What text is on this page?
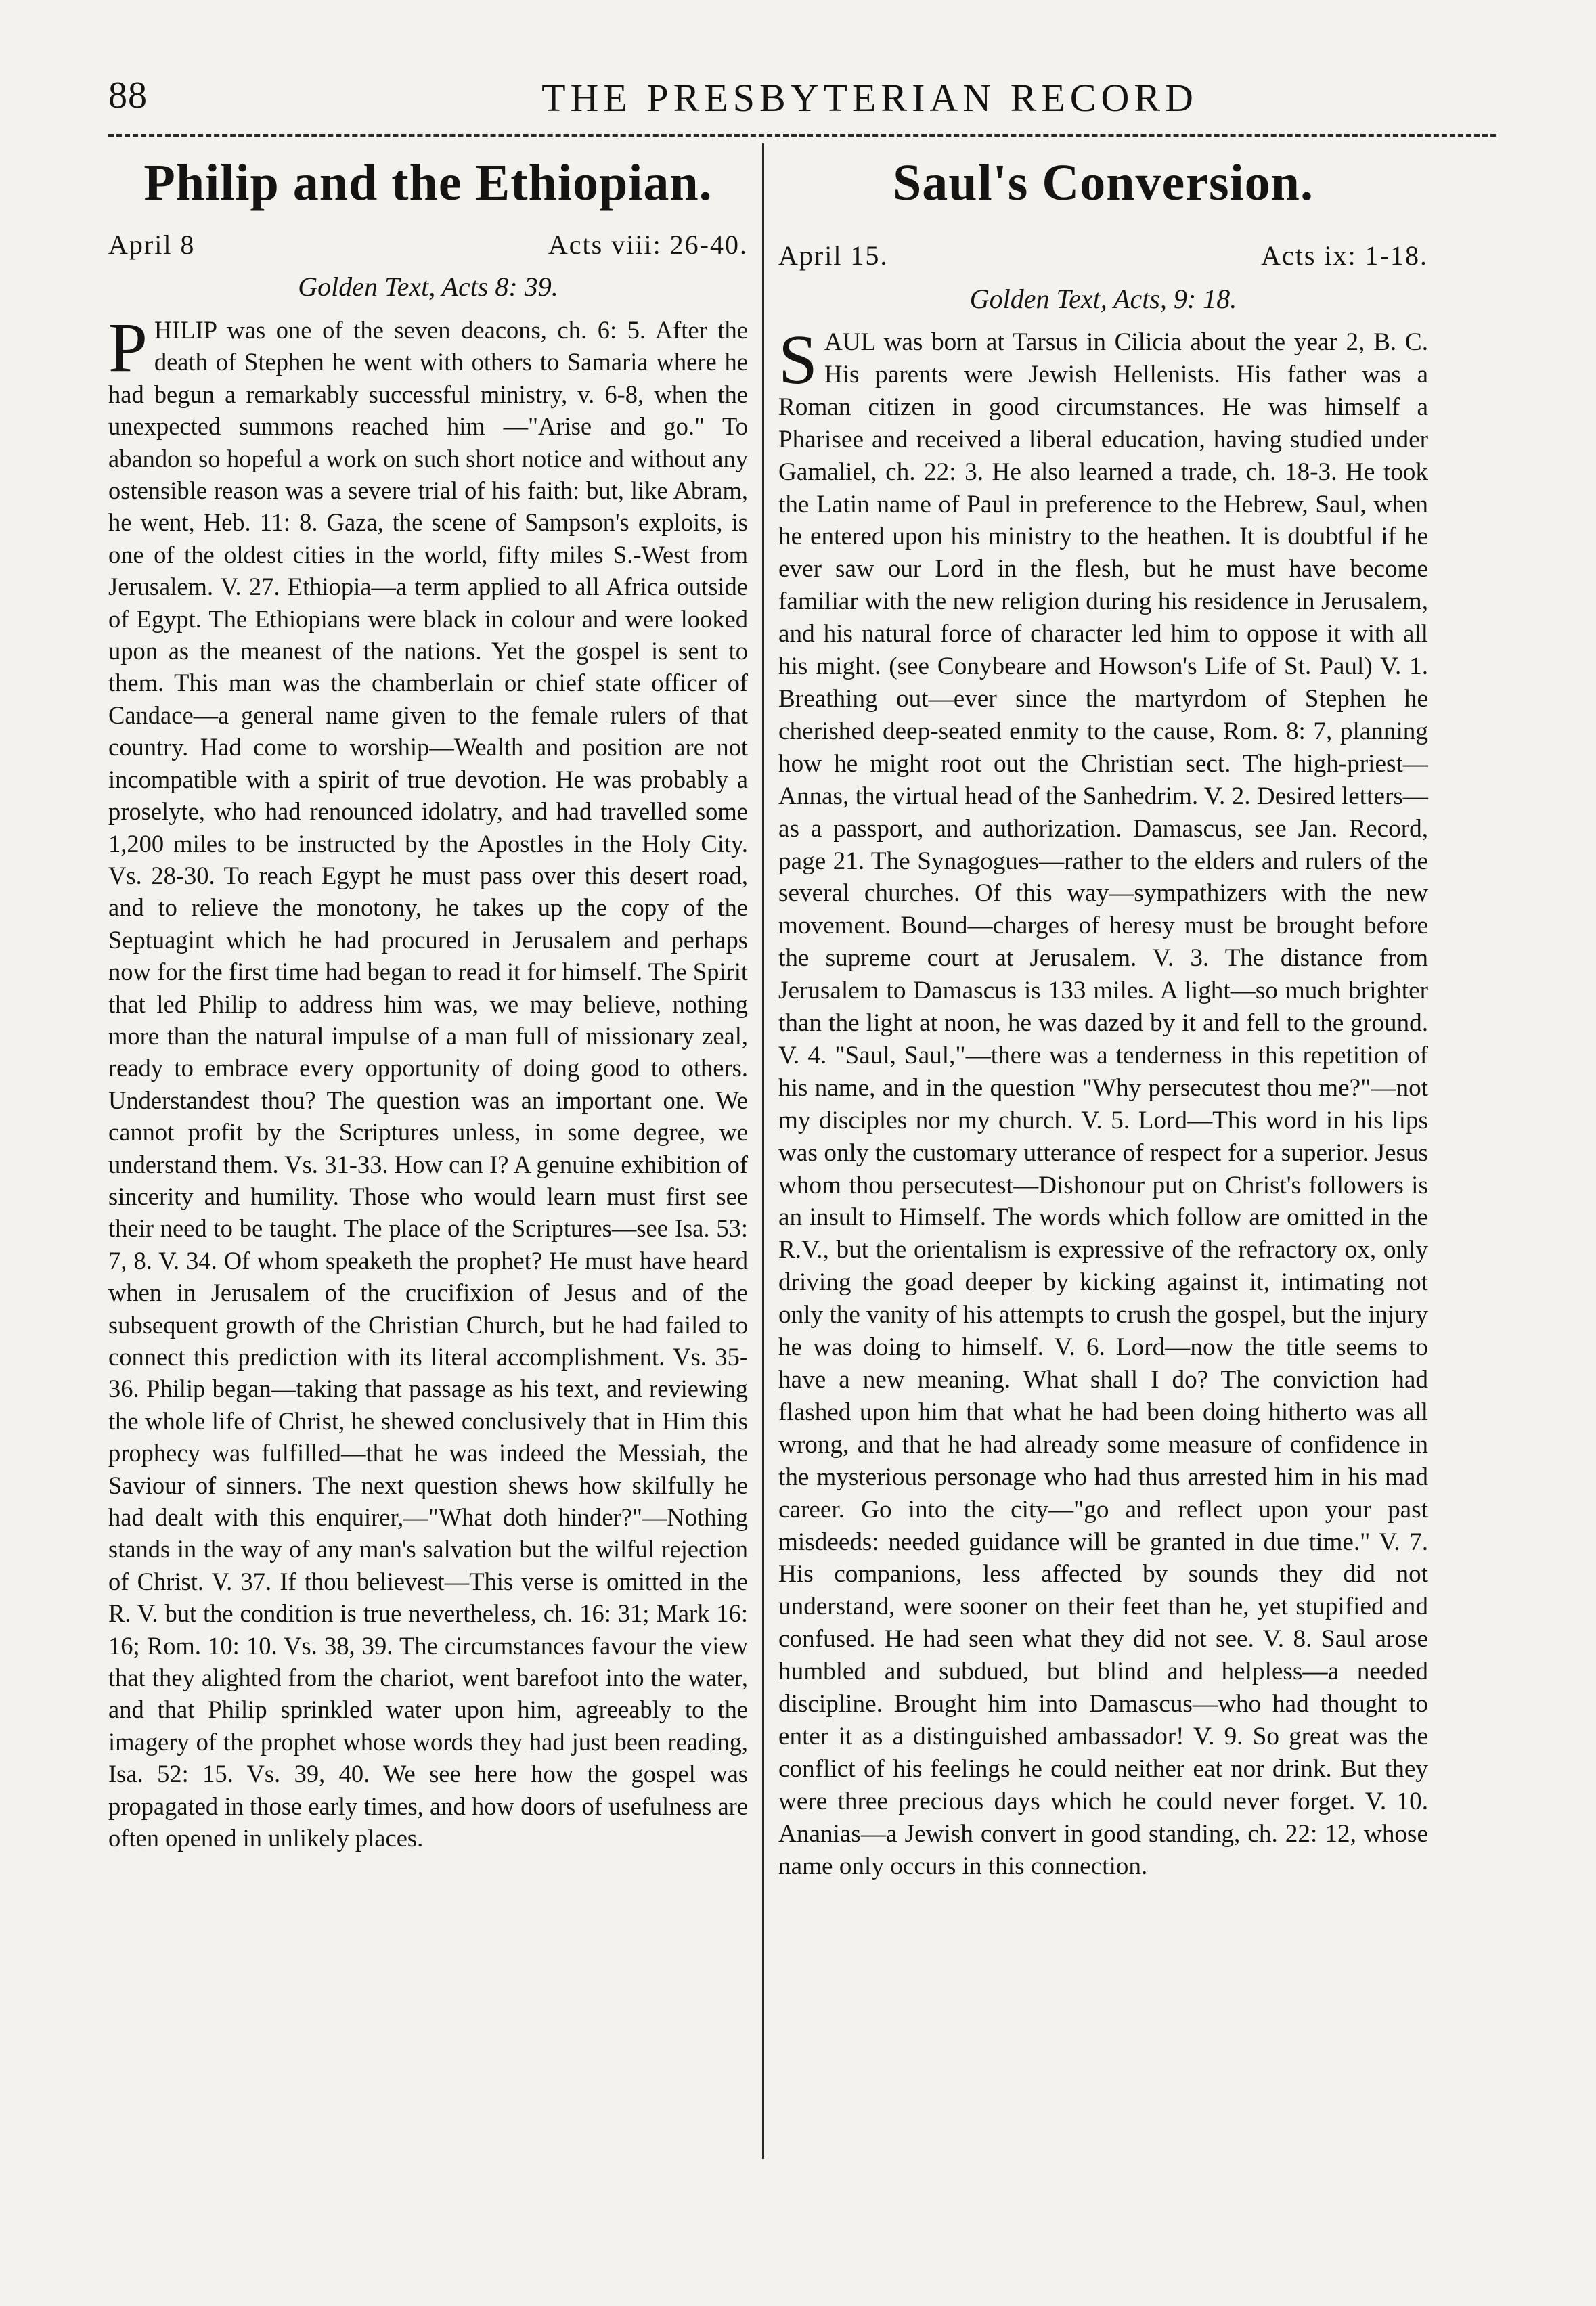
88	THE PRESBYTERIAN RECORD
Philip and the Ethiopian.
April 8	Acts viii: 26-40.
Golden Text, Acts 8: 39.
P HILIP was one of the seven deacons, ch. 6: 5. After the death of Stephen he went with others to Samaria where he had begun a remarkably successful ministry, v. 6-8, when the unexpected summons reached him —"Arise and go." To abandon so hopeful a work on such short notice and without any ostensible reason was a severe trial of his faith: but, like Abram, he went, Heb. 11: 8. Gaza, the scene of Sampson's exploits, is one of the oldest cities in the world, fifty miles S.-West from Jerusalem. V. 27. Ethiopia—a term applied to all Africa outside of Egypt. The Ethiopians were black in colour and were looked upon as the meanest of the nations. Yet the gospel is sent to them. This man was the chamberlain or chief state officer of Candace—a general name given to the female rulers of that country. Had come to worship—Wealth and position are not incompatible with a spirit of true devotion. He was probably a proselyte, who had renounced idolatry, and had travelled some 1,200 miles to be instructed by the Apostles in the Holy City. Vs. 28-30. To reach Egypt he must pass over this desert road, and to relieve the monotony, he takes up the copy of the Septuagint which he had procured in Jerusalem and perhaps now for the first time had began to read it for himself. The Spirit that led Philip to address him was, we may believe, nothing more than the natural impulse of a man full of missionary zeal, ready to embrace every opportunity of doing good to others. Understandest thou? The question was an important one. We cannot profit by the Scriptures unless, in some degree, we understand them. Vs. 31-33. How can I? A genuine exhibition of sincerity and humility. Those who would learn must first see their need to be taught. The place of the Scriptures—see Isa. 53: 7, 8. V. 34. Of whom speaketh the prophet? He must have heard when in Jerusalem of the crucifixion of Jesus and of the subsequent growth of the Christian Church, but he had failed to connect this prediction with its literal accomplishment. Vs. 35-36. Philip began—taking that passage as his text, and reviewing the whole life of Christ, he shewed conclusively that in Him this prophecy was fulfilled—that he was indeed the Messiah, the Saviour of sinners. The next question shews how skilfully he had dealt with this enquirer,—"What doth hinder?"—Nothing stands in the way of any man's salvation but the wilful rejection of Christ. V. 37. If thou believest—This verse is omitted in the R. V. but the condition is true nevertheless, ch. 16: 31; Mark 16: 16; Rom. 10: 10. Vs. 38, 39. The circumstances favour the view that they alighted from the chariot, went barefoot into the water, and that Philip sprinkled water upon him, agreeably to the imagery of the prophet whose words they had just been reading, Isa. 52: 15. Vs. 39, 40. We see here how the gospel was propagated in those early times, and how doors of usefulness are often opened in unlikely places.

Saul's Conversion.
April 15.	Acts ix: 1-18.
Golden Text, Acts, 9: 18.
S AUL was born at Tarsus in Cilicia about the year 2, B. C. His parents were Jewish Hellenists. His father was a Roman citizen in good circumstances. He was himself a Pharisee and received a liberal education, having studied under Gamaliel, ch. 22: 3. He also learned a trade, ch. 18-3. He took the Latin name of Paul in preference to the Hebrew, Saul, when he entered upon his ministry to the heathen. It is doubtful if he ever saw our Lord in the flesh, but he must have become familiar with the new religion during his residence in Jerusalem, and his natural force of character led him to oppose it with all his might. (see Conybeare and Howson's Life of St. Paul) V. 1. Breathing out—ever since the martyrdom of Stephen he cherished deep-seated enmity to the cause, Rom. 8: 7, planning how he might root out the Christian sect. The high-priest—Annas, the virtual head of the Sanhedrim. V. 2. Desired letters—as a passport, and authorization. Damascus, see Jan. Record, page 21. The Synagogues—rather to the elders and rulers of the several churches. Of this way—sympathizers with the new movement. Bound—charges of heresy must be brought before the supreme court at Jerusalem. V. 3. The distance from Jerusalem to Damascus is 133 miles. A light—so much brighter than the light at noon, he was dazed by it and fell to the ground. V. 4. "Saul, Saul,"—there was a tenderness in this repetition of his name, and in the question "Why persecutest thou me?"—not my disciples nor my church. V. 5. Lord—This word in his lips was only the customary utterance of respect for a superior. Jesus whom thou persecutest—Dishonour put on Christ's followers is an insult to Himself. The words which follow are omitted in the R.V., but the orientalism is expressive of the refractory ox, only driving the goad deeper by kicking against it, intimating not only the vanity of his attempts to crush the gospel, but the injury he was doing to himself. V. 6. Lord—now the title seems to have a new meaning. What shall I do? The conviction had flashed upon him that what he had been doing hitherto was all wrong, and that he had already some measure of confidence in the mysterious personage who had thus arrested him in his mad career. Go into the city—"go and reflect upon your past misdeeds: needed guidance will be granted in due time." V. 7. His companions, less affected by sounds they did not understand, were sooner on their feet than he, yet stupified and confused. He had seen what they did not see. V. 8. Saul arose humbled and subdued, but blind and helpless—a needed discipline. Brought him into Damascus—who had thought to enter it as a distinguished ambassador! V. 9. So great was the conflict of his feelings he could neither eat nor drink. But they were three precious days which he could never forget. V. 10. Ananias—a Jewish convert in good standing, ch. 22: 12, whose name only occurs in this connection.
